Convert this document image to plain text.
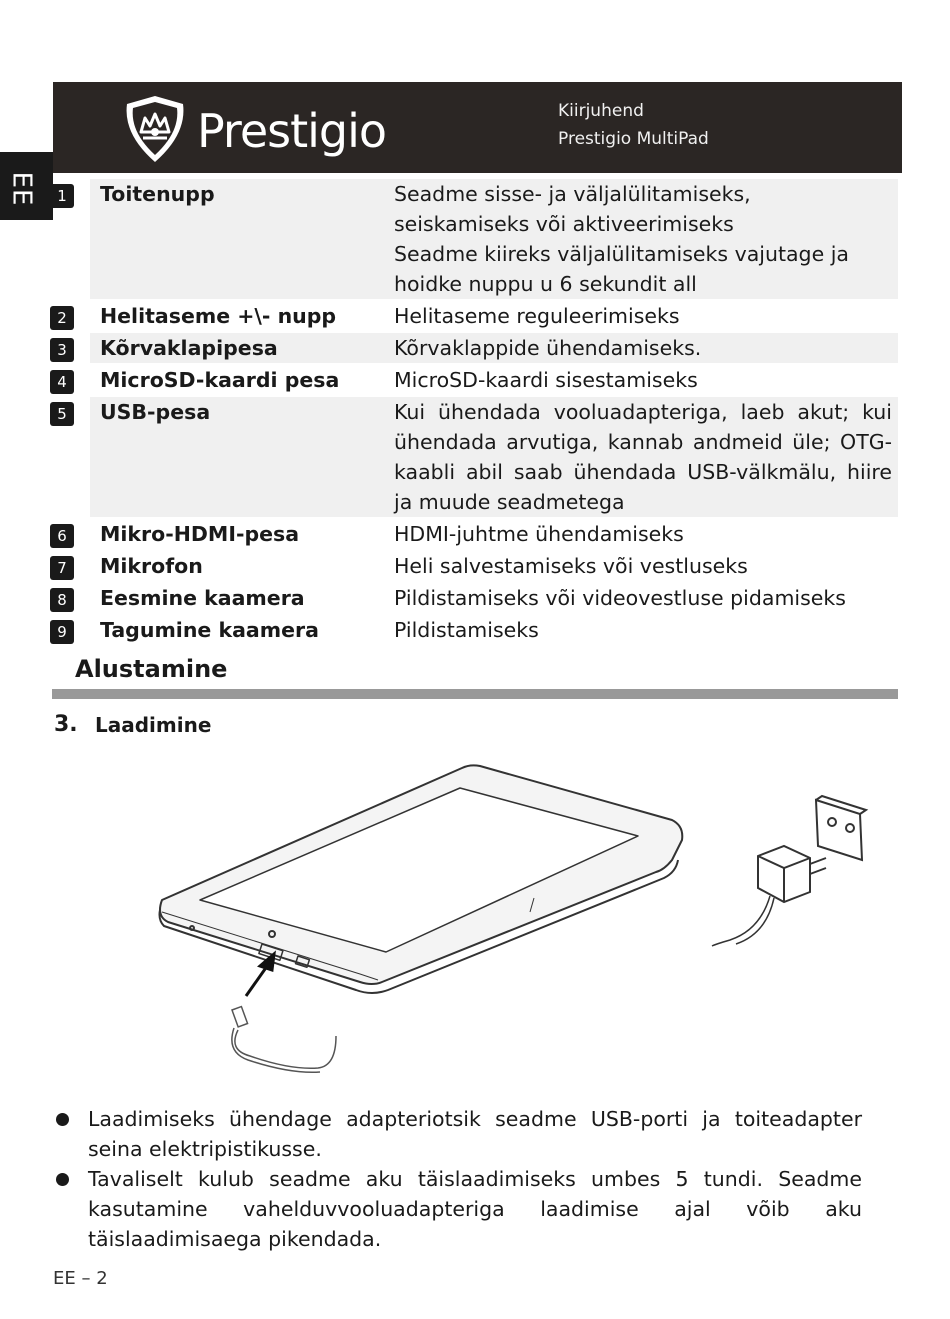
Prestigio	Kiirjuhend
Prestigio MultiPad
EE 1	Toitenupp	Seadme sisse- ja väljalülitamiseks, seiskamiseks või aktiveerimiseks
Seadme kiireks väljalülitamiseks vajutage ja hoidke nuppu u 6 sekundit all
2	Helitaseme +\- nupp	Helitaseme reguleerimiseks
3	Kõrvaklapipesa	Kõrvaklappide ühendamiseks.
4	MicroSD-kaardi pesa	MicroSD-kaardi sisestamiseks
5	USB-pesa	Kui ühendada vooluadapteriga, laeb akut; kui ühendada arvutiga, kannab andmeid üle; OTG-kaabli abil saab ühendada USB-välkmälu, hiire ja muude seadmetega
6	Mikro-HDMI-pesa	HDMI-juhtme ühendamiseks
7	Mikrofon	Heli salvestamiseks või vestluseks
8	Eesmine kaamera	Pildistamiseks või videovestluse pidamiseks
9	Tagumine kaamera	Pildistamiseks
Alustamine
3. Laadimine
Laadimiseks ühendage adapteriotsik seadme USB-porti ja toiteadapter seina elektripistikusse.
Tavaliselt kulub seadme aku täislaadimiseks umbes 5 tundi. Seadme kasutamine vahelduvvooluadapteriga laadimise ajal võib aku täislaadimisaega pikendada.
EE – 2
